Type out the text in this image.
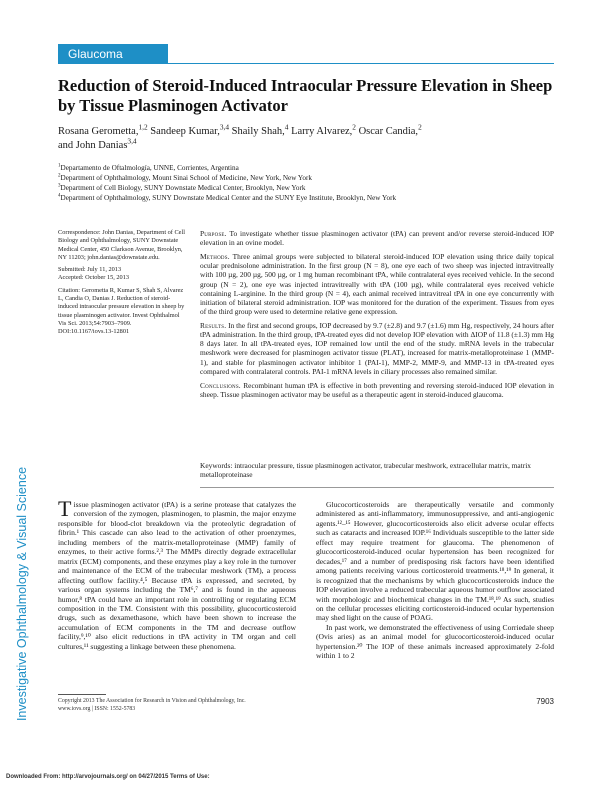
Glaucoma
Investigative Ophthalmology & Visual Science
Reduction of Steroid-Induced Intraocular Pressure Elevation in Sheep by Tissue Plasminogen Activator
Rosana Gerometta,$^{1,2}$ Sandeep Kumar,$^{3,4}$ Shaily Shah,$^4$ Larry Alvarez,$^2$ Oscar Candia,$^2$
and John Danias$^{3,4}$
$^1$Departamento de Oftalmología, UNNE, Corrientes, Argentina
$^2$Department of Ophthalmology, Mount Sinai School of Medicine, New York, New York
$^3$Department of Cell Biology, SUNY Downstate Medical Center, Brooklyn, New York
$^4$Department of Ophthalmology, SUNY Downstate Medical Center and the SUNY Eye Institute, Brooklyn, New York

Correspondence: John Danias, Department of Cell Biology and Ophthalmology, SUNY Downstate Medical Center, 450 Clarkson Avenue, Brooklyn, NY 11203; john.danias@downstate.edu.

Submitted: July 11, 2013

Accepted: October 15, 2013

Citation: Gerometta R, Kumar S, Shah S, Alvarez L, Candia O, Danias J. Reduction of steroid-induced intraocular pressure elevation in sheep by tissue plasminogen activator. Invest Ophthalmol Vis Sci. 2013;54:7903–7909. DOI:10.1167/iovs.13-12801

Purpose. To investigate whether tissue plasminogen activator (tPA) can prevent and/or reverse steroid-induced IOP elevation in an ovine model.

Methods. Three animal groups were subjected to bilateral steroid-induced IOP elevation using thrice daily topical ocular prednisolone administration. In the first group (N = 8), one eye each of two sheep was injected intravitreally with 100 µg, 200 µg, 500 µg, or 1 mg human recombinant tPA, while contralateral eyes received vehicle. In the second group (N = 2), one eye was injected intravitreally with tPA (100 µg), while contralateral eyes received vehicle containing L-arginine. In the third group (N = 4), each animal received intravitreal tPA in one eye concurrently with initiation of bilateral steroid administration. IOP was monitored for the duration of the experiment. Tissues from eyes of the third group were used to determine relative gene expression.

Results. In the first and second groups, IOP decreased by 9.7 (±2.8) and 9.7 (±1.6) mm Hg, respectively, 24 hours after tPA administration. In the third group, tPA-treated eyes did not develop IOP elevation with ΔIOP of 11.8 (±1.3) mm Hg 8 days later. In all tPA-treated eyes, IOP remained low until the end of the study. mRNA levels in the trabecular meshwork were decreased for plasminogen activator tissue (PLAT), increased for matrix-metalloproteinase 1 (MMP-1), and stable for plasminogen activator inhibitor 1 (PAI-1), MMP-2, MMP-9, and MMP-13 in tPA-treated eyes compared with contralateral controls. PAI-1 mRNA levels in ciliary processes also remained similar.

Conclusions. Recombinant human tPA is effective in both preventing and reversing steroid-induced IOP elevation in sheep. Tissue plasminogen activator may be useful as a therapeutic agent in steroid-induced glaucoma.

Keywords: intraocular pressure, tissue plasminogen activator, trabecular meshwork, extracellular matrix, matrix metalloproteinase

Tissue plasminogen activator (tPA) is a serine protease that catalyzes the conversion of the zymogen, plasminogen, to plasmin, the major enzyme responsible for blood-clot breakdown via the proteolytic degradation of fibrin.¹ This cascade can also lead to the activation of other proenzymes, including members of the matrix-metalloproteinase (MMP) family of enzymes, to their active forms.²,³ The MMPs directly degrade extracellular matrix (ECM) components, and these enzymes play a key role in the turnover and maintenance of the ECM of the trabecular meshwork (TM), a process affecting outflow facility.⁴,⁵ Because tPA is expressed, and secreted, by various organ systems including the TM⁶,⁷ and is found in the aqueous humor,⁸ tPA could have an important role in controlling or regulating ECM composition in the TM. Consistent with this possibility, glucocorticosteroid drugs, such as dexamethasone, which have been shown to increase the accumulation of ECM components in the TM and decrease outflow facility,⁹,¹⁰ also elicit reductions in tPA activity in TM organ and cell cultures,¹¹ suggesting a linkage between these phenomena.

Glucocorticosteroids are therapeutically versatile and commonly administered as anti-inflammatory, immunosuppressive, and anti-angiogenic agents.¹²–¹⁵ However, glucocorticosteroids also elicit adverse ocular effects such as cataracts and increased IOP.¹⁶ Individuals susceptible to the latter side effect may require treatment for glaucoma. The phenomenon of glucocorticosteroid-induced ocular hypertension has been recognized for decades,¹⁷ and a number of predisposing risk factors have been identified among patients receiving various corticosteroid treatments.¹⁸,¹⁹ In general, it is recognized that the mechanisms by which glucocorticosteroids induce the IOP elevation involve a reduced trabecular aqueous humor outflow associated with morphologic and biochemical changes in the TM.¹⁸,¹⁹ As such, studies on the cellular processes eliciting corticosteroid-induced ocular hypertension may shed light on the cause of POAG.

In past work, we demonstrated the effectiveness of using Corriedale sheep (Ovis aries) as an animal model for glucocorticosteroid-induced ocular hypertension.²⁰ The IOP of these animals increased approximately 2-fold within 1 to 2

Copyright 2013 The Association for Research in Vision and Ophthalmology, Inc.
www.iovs.org | ISSN: 1552-5783
7903
Downloaded From: http://arvojournals.org/ on 04/27/2015 Terms of Use:
